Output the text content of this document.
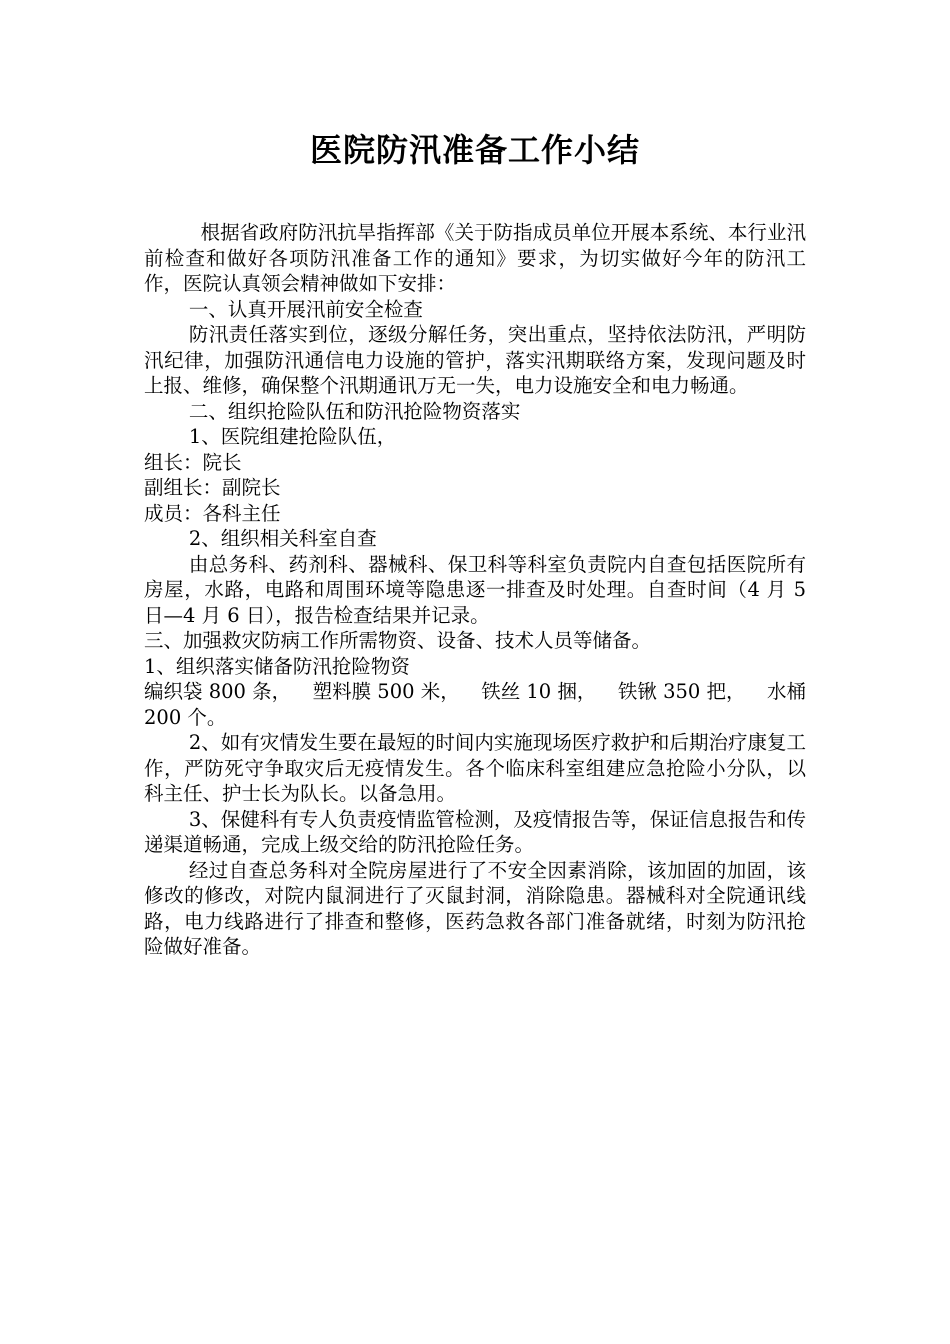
医院防汛准备工作小结

根据省政府防汛抗旱指挥部《关于防指成员单位开展本系统、本行业汛前检查和做好各项防汛准备工作的通知》要求，为切实做好今年的防汛工作，医院认真领会精神做如下安排：

一、认真开展汛前安全检查

防汛责任落实到位，逐级分解任务，突出重点，坚持依法防汛，严明防汛纪律，加强防汛通信电力设施的管护，落实汛期联络方案，发现问题及时上报、维修，确保整个汛期通讯万无一失，电力设施安全和电力畅通。

二、组织抢险队伍和防汛抢险物资落实

1、医院组建抢险队伍，

组长：院长

副组长：副院长

成员：各科主任

2、组织相关科室自查

由总务科、药剂科、器械科、保卫科等科室负责院内自查包括医院所有房屋，水路，电路和周围环境等隐患逐一排查及时处理。自查时间（4 月 5 日—4 月 6 日），报告检查结果并记录。

三、加强救灾防病工作所需物资、设备、技术人员等储备。

1、组织落实储备防汛抢险物资

编织袋 800 条， 塑料膜 500 米， 铁丝 10 捆， 铁锹 350 把， 水桶

200 个。

2、如有灾情发生要在最短的时间内实施现场医疗救护和后期治疗康复工作，严防死守争取灾后无疫情发生。各个临床科室组建应急抢险小分队，以科主任、护士长为队长。以备急用。

3、保健科有专人负责疫情监管检测，及疫情报告等，保证信息报告和传递渠道畅通，完成上级交给的防汛抢险任务。

经过自查总务科对全院房屋进行了不安全因素消除，该加固的加固，该修改的修改，对院内鼠洞进行了灭鼠封洞，消除隐患。器械科对全院通讯线路，电力线路进行了排查和整修，医药急救各部门准备就绪，时刻为防汛抢险做好准备。
